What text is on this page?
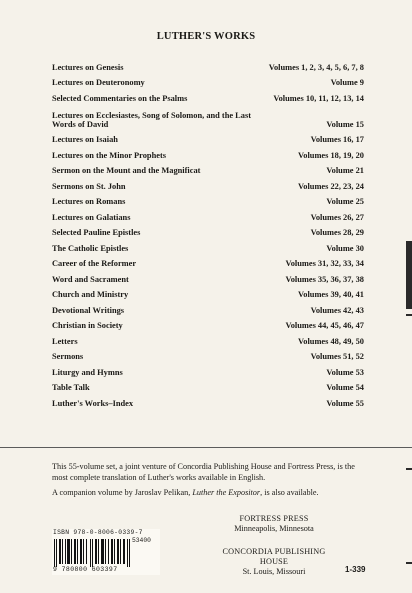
LUTHER'S WORKS
Lectures on Genesis	Volumes 1, 2, 3, 4, 5, 6, 7, 8
Lectures on Deuteronomy	Volume 9
Selected Commentaries on the Psalms	Volumes 10, 11, 12, 13, 14
Lectures on Ecclesiastes, Song of Solomon, and the Last Words of David	Volume 15
Lectures on Isaiah	Volumes 16, 17
Lectures on the Minor Prophets	Volumes 18, 19, 20
Sermon on the Mount and the Magnificat	Volume 21
Sermons on St. John	Volumes 22, 23, 24
Lectures on Romans	Volume 25
Lectures on Galatians	Volumes 26, 27
Selected Pauline Epistles	Volumes 28, 29
The Catholic Epistles	Volume 30
Career of the Reformer	Volumes 31, 32, 33, 34
Word and Sacrament	Volumes 35, 36, 37, 38
Church and Ministry	Volumes 39, 40, 41
Devotional Writings	Volumes 42, 43
Christian in Society	Volumes 44, 45, 46, 47
Letters	Volumes 48, 49, 50
Sermons	Volumes 51, 52
Liturgy and Hymns	Volume 53
Table Talk	Volume 54
Luther's Works–Index	Volume 55

This 55-volume set, a joint venture of Concordia Publishing House and Fortress Press, is the most complete translation of Luther's works available in English.

A companion volume by Jaroslav Pelikan, Luther the Expositor, is also available.

FORTRESS PRESS
Minneapolis, Minnesota
CONCORDIA PUBLISHING HOUSE
St. Louis, Missouri
ISBN 978-0-8006-0339-7
53400
9 780800 603397	1-339
